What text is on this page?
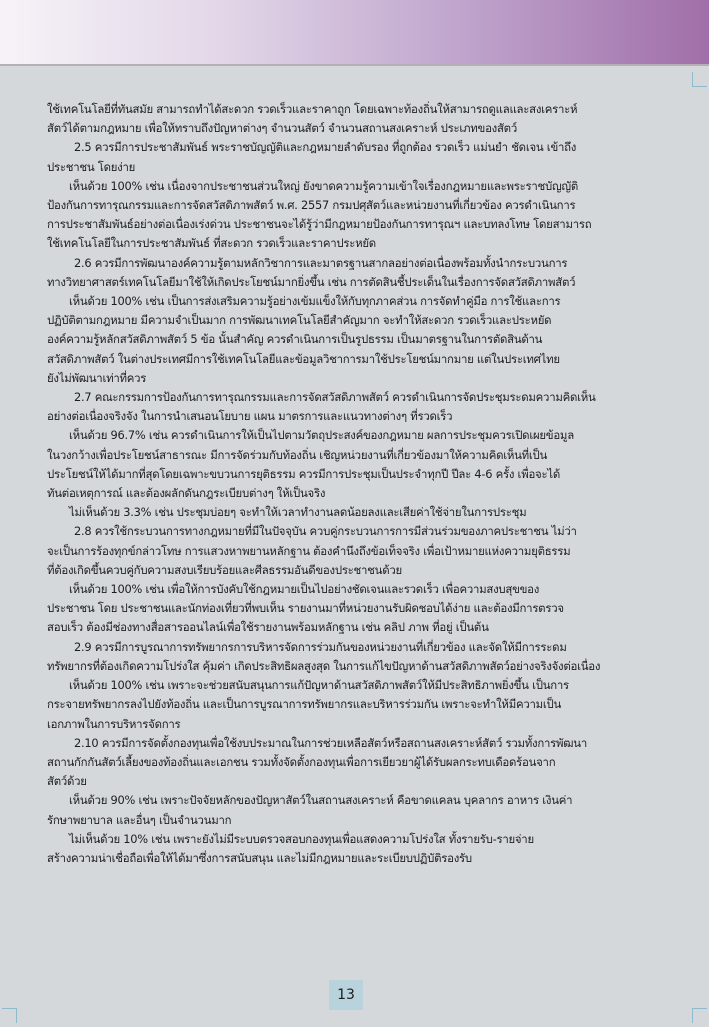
ใช้เทคโนโลยีที่ทันสมัย สามารถทำได้สะดวก รวดเร็วและราคาถูก โดยเฉพาะท้องถิ่นให้สามารถดูแลและสงเคราะห์

สัตว์ได้ตามกฎหมาย เพื่อให้ทราบถึงปัญหาต่างๆ จำนวนสัตว์ จำนวนสถานสงเคราะห์ ประเภทของสัตว์

2.5 ควรมีการประชาสัมพันธ์ พระราชบัญญัติและกฎหมายลำดับรอง ที่ถูกต้อง รวดเร็ว แม่นยำ ชัดเจน เข้าถึง

ประชาชน โดยง่าย

เห็นด้วย 100% เช่น เนื่องจากประชาชนส่วนใหญ่ ยังขาดความรู้ความเข้าใจเรื่องกฎหมายและพระราชบัญญัติ

ป้องกันการทารุณกรรมและการจัดสวัสดิภาพสัตว์ พ.ศ. 2557 กรมปศุสัตว์และหน่วยงานที่เกี่ยวข้อง ควรดำเนินการ

การประชาสัมพันธ์อย่างต่อเนื่องเร่งด่วน ประชาชนจะได้รู้ว่ามีกฎหมายป้องกันการทารุณฯ และบทลงโทษ โดยสามารถ

ใช้เทคโนโลยีในการประชาสัมพันธ์ ที่สะดวก รวดเร็วและราคาประหยัด

2.6 ควรมีการพัฒนาองค์ความรู้ตามหลักวิชาการและมาตรฐานสากลอย่างต่อเนื่องพร้อมทั้งนำกระบวนการ

ทางวิทยาศาสตร์เทคโนโลยีมาใช้ให้เกิดประโยชน์มากยิ่งขึ้น เช่น การตัดสินชี้ประเด็นในเรื่องการจัดสวัสดิภาพสัตว์

เห็นด้วย 100% เช่น เป็นการส่งเสริมความรู้อย่างเข้มแข็งให้กับทุกภาคส่วน การจัดทำคู่มือ การใช้และการ

ปฏิบัติตามกฎหมาย มีความจำเป็นมาก การพัฒนาเทคโนโลยีสำคัญมาก จะทำให้สะดวก รวดเร็วและประหยัด

องค์ความรู้หลักสวัสดิภาพสัตว์ 5 ข้อ นั้นสำคัญ ควรดำเนินการเป็นรูปธรรม เป็นมาตรฐานในการตัดสินด้าน

สวัสดิภาพสัตว์ ในต่างประเทศมีการใช้เทคโนโลยีและข้อมูลวิชาการมาใช้ประโยชน์มากมาย แต่ในประเทศไทย

ยังไม่พัฒนาเท่าที่ควร

2.7 คณะกรรมการป้องกันการทารุณกรรมและการจัดสวัสดิภาพสัตว์ ควรดำเนินการจัดประชุมระดมความคิดเห็น

อย่างต่อเนื่องจริงจัง ในการนำเสนอนโยบาย แผน มาตรการและแนวทางต่างๆ ที่รวดเร็ว

เห็นด้วย 96.7% เช่น ควรดำเนินการให้เป็นไปตามวัตถุประสงค์ของกฎหมาย ผลการประชุมควรเปิดเผยข้อมูล

ในวงกว้างเพื่อประโยชน์สาธารณะ มีการจัดร่วมกับท้องถิ่น เชิญหน่วยงานที่เกี่ยวข้องมาให้ความคิดเห็นที่เป็น

ประโยชน์ให้ได้มากที่สุดโดยเฉพาะขบวนการยุติธรรม ควรมีการประชุมเป็นประจำทุกปี ปีละ 4-6 ครั้ง เพื่อจะได้

ทันต่อเหตุการณ์ และต้องผลักดันกฎระเบียบต่างๆ ให้เป็นจริง

ไม่เห็นด้วย 3.3% เช่น ประชุมบ่อยๆ จะทำให้เวลาทำงานลดน้อยลงและเสียค่าใช้จ่ายในการประชุม

2.8 ควรใช้กระบวนการทางกฎหมายที่มีในปัจจุบัน ควบคู่กระบวนการการมีส่วนร่วมของภาคประชาชน ไม่ว่า

จะเป็นการร้องทุกข์กล่าวโทษ การแสวงหาพยานหลักฐาน ต้องคำนึงถึงข้อเท็จจริง เพื่อเป้าหมายแห่งความยุติธรรม

ที่ต้องเกิดขึ้นควบคู่กับความสงบเรียบร้อยและศีลธรรมอันดีของประชาชนด้วย

เห็นด้วย 100% เช่น เพื่อให้การบังคับใช้กฎหมายเป็นไปอย่างชัดเจนและรวดเร็ว เพื่อความสงบสุขของ

ประชาชน โดย ประชาชนและนักท่องเที่ยวที่พบเห็น รายงานมาที่หน่วยงานรับผิดชอบได้ง่าย และต้องมีการตรวจ

สอบเร็ว ต้องมีช่องทางสื่อสารออนไลน์เพื่อใช้รายงานพร้อมหลักฐาน เช่น คลิป ภาพ ที่อยู่ เป็นต้น

2.9 ควรมีการบูรณาการทรัพยากรการบริหารจัดการร่วมกันของหน่วยงานที่เกี่ยวข้อง และจัดให้มีการระดม

ทรัพยากรที่ต้องเกิดความโปร่งใส คุ้มค่า เกิดประสิทธิผลสูงสุด ในการแก้ไขปัญหาด้านสวัสดิภาพสัตว์อย่างจริงจังต่อเนื่อง

เห็นด้วย 100% เช่น เพราะจะช่วยสนับสนุนการแก้ปัญหาด้านสวัสดิภาพสัตว์ให้มีประสิทธิภาพยิ่งขึ้น เป็นการ

กระจายทรัพยากรลงไปยังท้องถิ่น และเป็นการบูรณาการทรัพยากรและบริหารร่วมกัน เพราะจะทำให้มีความเป็น

เอกภาพในการบริหารจัดการ

2.10 ควรมีการจัดตั้งกองทุนเพื่อใช้งบประมาณในการช่วยเหลือสัตว์หรือสถานสงเคราะห์สัตว์ รวมทั้งการพัฒนา

สถานกักกันสัตว์เลี้ยงของท้องถิ่นและเอกชน รวมทั้งจัดตั้งกองทุนเพื่อการเยียวยาผู้ได้รับผลกระทบเดือดร้อนจาก

สัตว์ด้วย

เห็นด้วย 90% เช่น เพราะปัจจัยหลักของปัญหาสัตว์ในสถานสงเคราะห์ คือขาดแคลน บุคลากร อาหาร เงินค่า

รักษาพยาบาล และอื่นๆ เป็นจำนวนมาก

ไม่เห็นด้วย 10% เช่น เพราะยังไม่มีระบบตรวจสอบกองทุนเพื่อแสดงความโปร่งใส ทั้งรายรับ-รายจ่าย

สร้างความน่าเชื่อถือเพื่อให้ได้มาซึ่งการสนับสนุน และไม่มีกฎหมายและระเบียบปฏิบัติรองรับ

13
